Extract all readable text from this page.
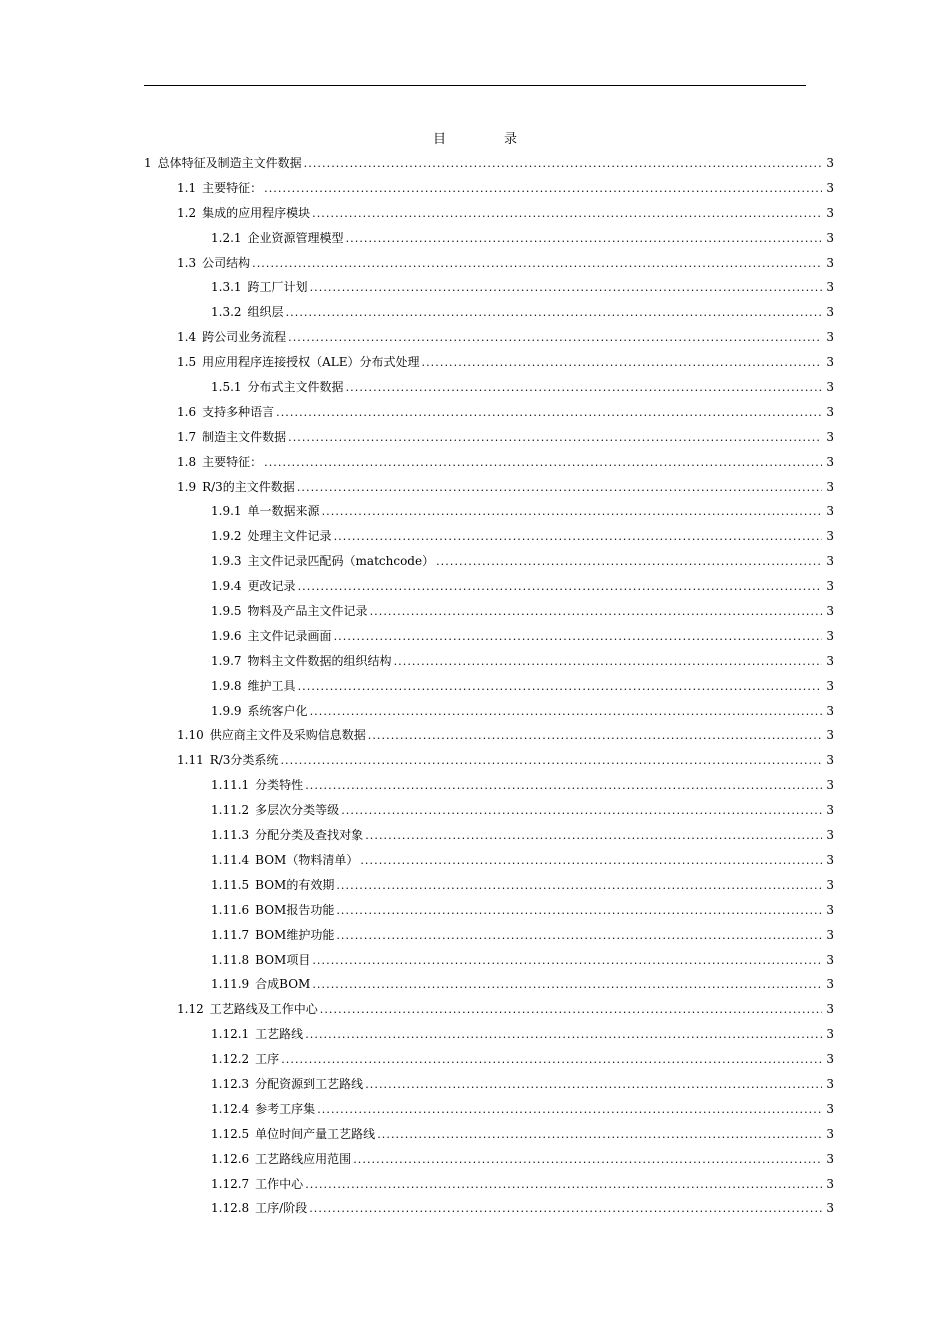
目	录
1 总体特征及制造主文件数据 . . .	3
1.1 主要特征： . . .	3
1.2 集成的应用程序模块 . . .	3
1.2.1 企业资源管理模型 . . .	3
1.3 公司结构 . . .	3
1.3.1 跨工厂计划 . . .	3
1.3.2 组织层 . . .	3
1.4 跨公司业务流程 . . .	3
1.5 用应用程序连接授权（ALE）分布式处理 . . .	3
1.5.1 分布式主文件数据 . . .	3
1.6 支持多种语言 . . .	3
1.7 制造主文件数据 . . .	3
1.8 主要特征： . . .	3
1.9 R/3的主文件数据 . . .	3
1.9.1 单一数据来源 . . .	3
1.9.2 处理主文件记录 . . .	3
1.9.3 主文件记录匹配码（matchcode） . . .	3
1.9.4 更改记录 . . .	3
1.9.5 物料及产品主文件记录 . . .	3
1.9.6 主文件记录画面 . . .	3
1.9.7 物料主文件数据的组织结构 . . .	3
1.9.8 维护工具 . . .	3
1.9.9 系统客户化 . . .	3
1.10 供应商主文件及采购信息数据 . . .	3
1.11 R/3分类系统 . . .	3
1.11.1 分类特性 . . .	3
1.11.2 多层次分类等级 . . .	3
1.11.3 分配分类及查找对象 . . .	3
1.11.4 BOM（物料清单） . . .	3
1.11.5 BOM的有效期 . . .	3
1.11.6 BOM报告功能 . . .	3
1.11.7 BOM维护功能 . . .	3
1.11.8 BOM项目 . . .	3
1.11.9 合成BOM . . .	3
1.12 工艺路线及工作中心 . . .	3
1.12.1 工艺路线 . . .	3
1.12.2 工序 . . .	3
1.12.3 分配资源到工艺路线 . . .	3
1.12.4 参考工序集 . . .	3
1.12.5 单位时间产量工艺路线 . . .	3
1.12.6 工艺路线应用范围 . . .	3
1.12.7 工作中心 . . .	3
1.12.8 工序/阶段 . . .	3
